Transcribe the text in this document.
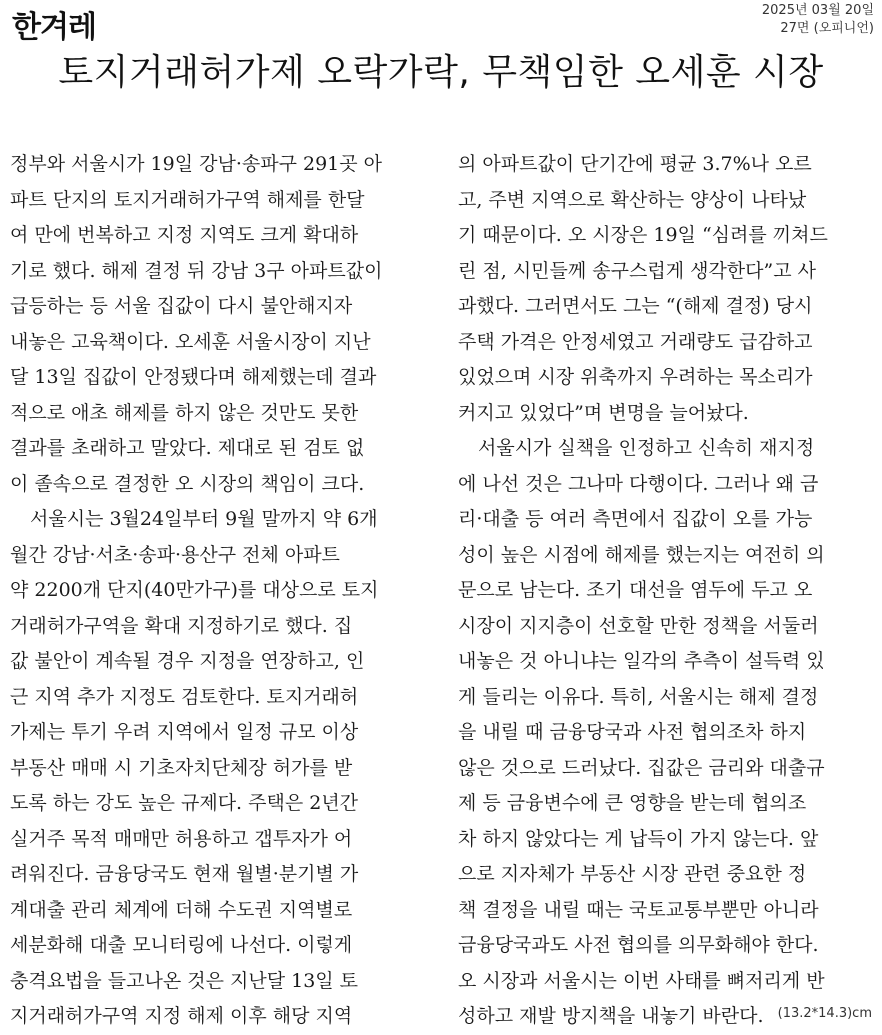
한겨레	2025년 03월 20일
27면 (오피니언)
토지거래허가제 오락가락, 무책임한 오세훈 시장
정부와 서울시가 19일 강남·송파구 291곳 아
파트 단지의 토지거래허가구역 해제를 한달
여 만에 번복하고 지정 지역도 크게 확대하
기로 했다. 해제 결정 뒤 강남 3구 아파트값이
급등하는 등 서울 집값이 다시 불안해지자
내놓은 고육책이다. 오세훈 서울시장이 지난
달 13일 집값이 안정됐다며 해제했는데 결과
적으로 애초 해제를 하지 않은 것만도 못한
결과를 초래하고 말았다. 제대로 된 검토 없
이 졸속으로 결정한 오 시장의 책임이 크다.
서울시는 3월24일부터 9월 말까지 약 6개
월간 강남·서초·송파·용산구 전체 아파트
약 2200개 단지(40만가구)를 대상으로 토지
거래허가구역을 확대 지정하기로 했다. 집
값 불안이 계속될 경우 지정을 연장하고, 인
근 지역 추가 지정도 검토한다. 토지거래허
가제는 투기 우려 지역에서 일정 규모 이상
부동산 매매 시 기초자치단체장 허가를 받
도록 하는 강도 높은 규제다. 주택은 2년간
실거주 목적 매매만 허용하고 갭투자가 어
려워진다. 금융당국도 현재 월별·분기별 가
계대출 관리 체계에 더해 수도권 지역별로
세분화해 대출 모니터링에 나선다. 이렇게
충격요법을 들고나온 것은 지난달 13일 토
지거래허가구역 지정 해제 이후 해당 지역
의 아파트값이 단기간에 평균 3.7%나 오르
고, 주변 지역으로 확산하는 양상이 나타났
기 때문이다. 오 시장은 19일 “심려를 끼쳐드
린 점, 시민들께 송구스럽게 생각한다”고 사
과했다. 그러면서도 그는 “(해제 결정) 당시
주택 가격은 안정세였고 거래량도 급감하고
있었으며 시장 위축까지 우려하는 목소리가
커지고 있었다”며 변명을 늘어놨다.
서울시가 실책을 인정하고 신속히 재지정
에 나선 것은 그나마 다행이다. 그러나 왜 금
리·대출 등 여러 측면에서 집값이 오를 가능
성이 높은 시점에 해제를 했는지는 여전히 의
문으로 남는다. 조기 대선을 염두에 두고 오
시장이 지지층이 선호할 만한 정책을 서둘러
내놓은 것 아니냐는 일각의 추측이 설득력 있
게 들리는 이유다. 특히, 서울시는 해제 결정
을 내릴 때 금융당국과 사전 협의조차 하지
않은 것으로 드러났다. 집값은 금리와 대출규
제 등 금융변수에 큰 영향을 받는데 협의조
차 하지 않았다는 게 납득이 가지 않는다. 앞
으로 지자체가 부동산 시장 관련 중요한 정
책 결정을 내릴 때는 국토교통부뿐만 아니라
금융당국과도 사전 협의를 의무화해야 한다.
오 시장과 서울시는 이번 사태를 뼈저리게 반
성하고 재발 방지책을 내놓기 바란다.	(13.2*14.3)cm
